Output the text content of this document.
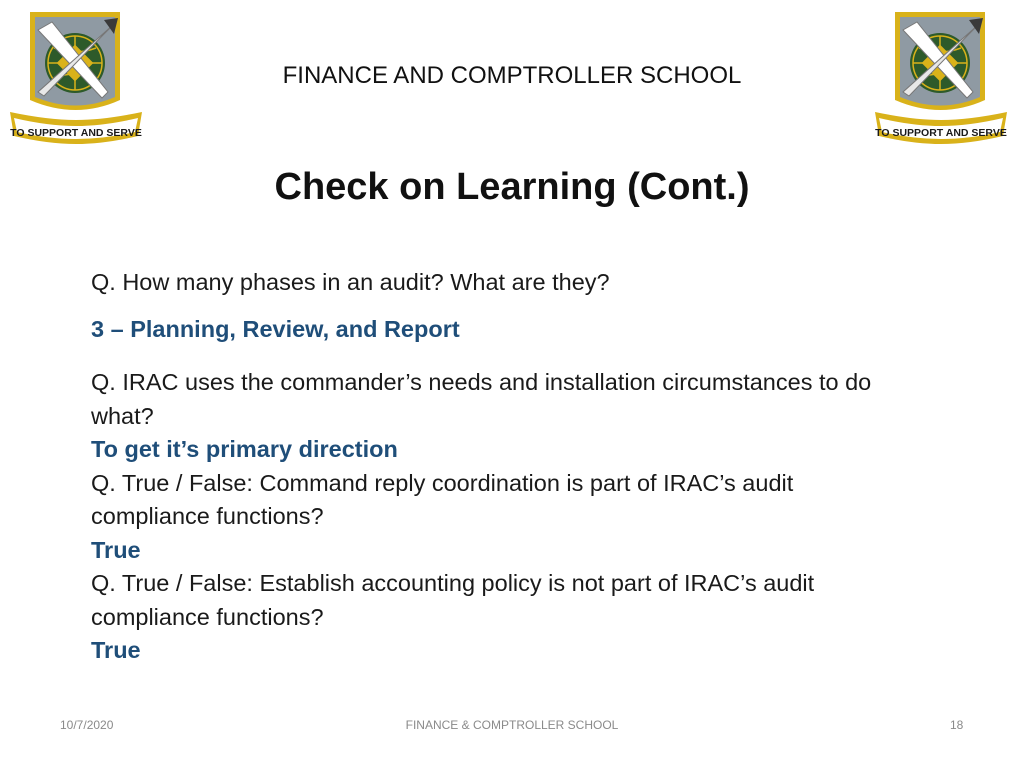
TO SUPPORT AND SERVE	TO SUPPORT AND SERVE
FINANCE AND COMPTROLLER SCHOOL
Check on Learning (Cont.)
Q. How many phases in an audit? What are they?
3 – Planning, Review, and Report
Q. IRAC uses the commander’s needs and installation circumstances to do what?
To get it’s primary direction
Q. True / False: Command reply coordination is part of IRAC’s audit compliance functions?
True
Q. True / False: Establish accounting policy is not part of IRAC’s audit compliance functions?
True
10/7/2020	FINANCE & COMPTROLLER SCHOOL	18
